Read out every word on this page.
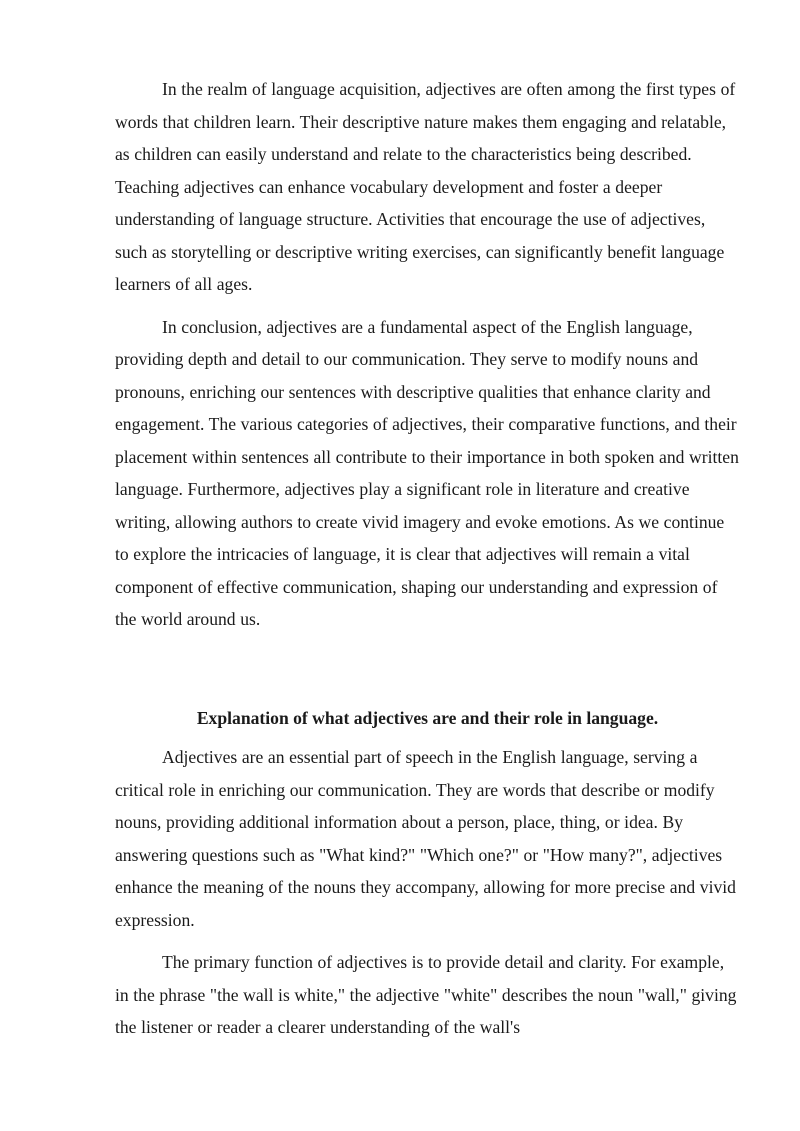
In the realm of language acquisition, adjectives are often among the first types of words that children learn. Their descriptive nature makes them engaging and relatable, as children can easily understand and relate to the characteristics being described. Teaching adjectives can enhance vocabulary development and foster a deeper understanding of language structure. Activities that encourage the use of adjectives, such as storytelling or descriptive writing exercises, can significantly benefit language learners of all ages.

In conclusion, adjectives are a fundamental aspect of the English language, providing depth and detail to our communication. They serve to modify nouns and pronouns, enriching our sentences with descriptive qualities that enhance clarity and engagement. The various categories of adjectives, their comparative functions, and their placement within sentences all contribute to their importance in both spoken and written language. Furthermore, adjectives play a significant role in literature and creative writing, allowing authors to create vivid imagery and evoke emotions. As we continue to explore the intricacies of language, it is clear that adjectives will remain a vital component of effective communication, shaping our understanding and expression of the world around us.

Explanation of what adjectives are and their role in language.

Adjectives are an essential part of speech in the English language, serving a critical role in enriching our communication. They are words that describe or modify nouns, providing additional information about a person, place, thing, or idea. By answering questions such as "What kind?" "Which one?" or "How many?", adjectives enhance the meaning of the nouns they accompany, allowing for more precise and vivid expression.

The primary function of adjectives is to provide detail and clarity. For example, in the phrase "the wall is white," the adjective "white" describes the noun "wall," giving the listener or reader a clearer understanding of the wall's
